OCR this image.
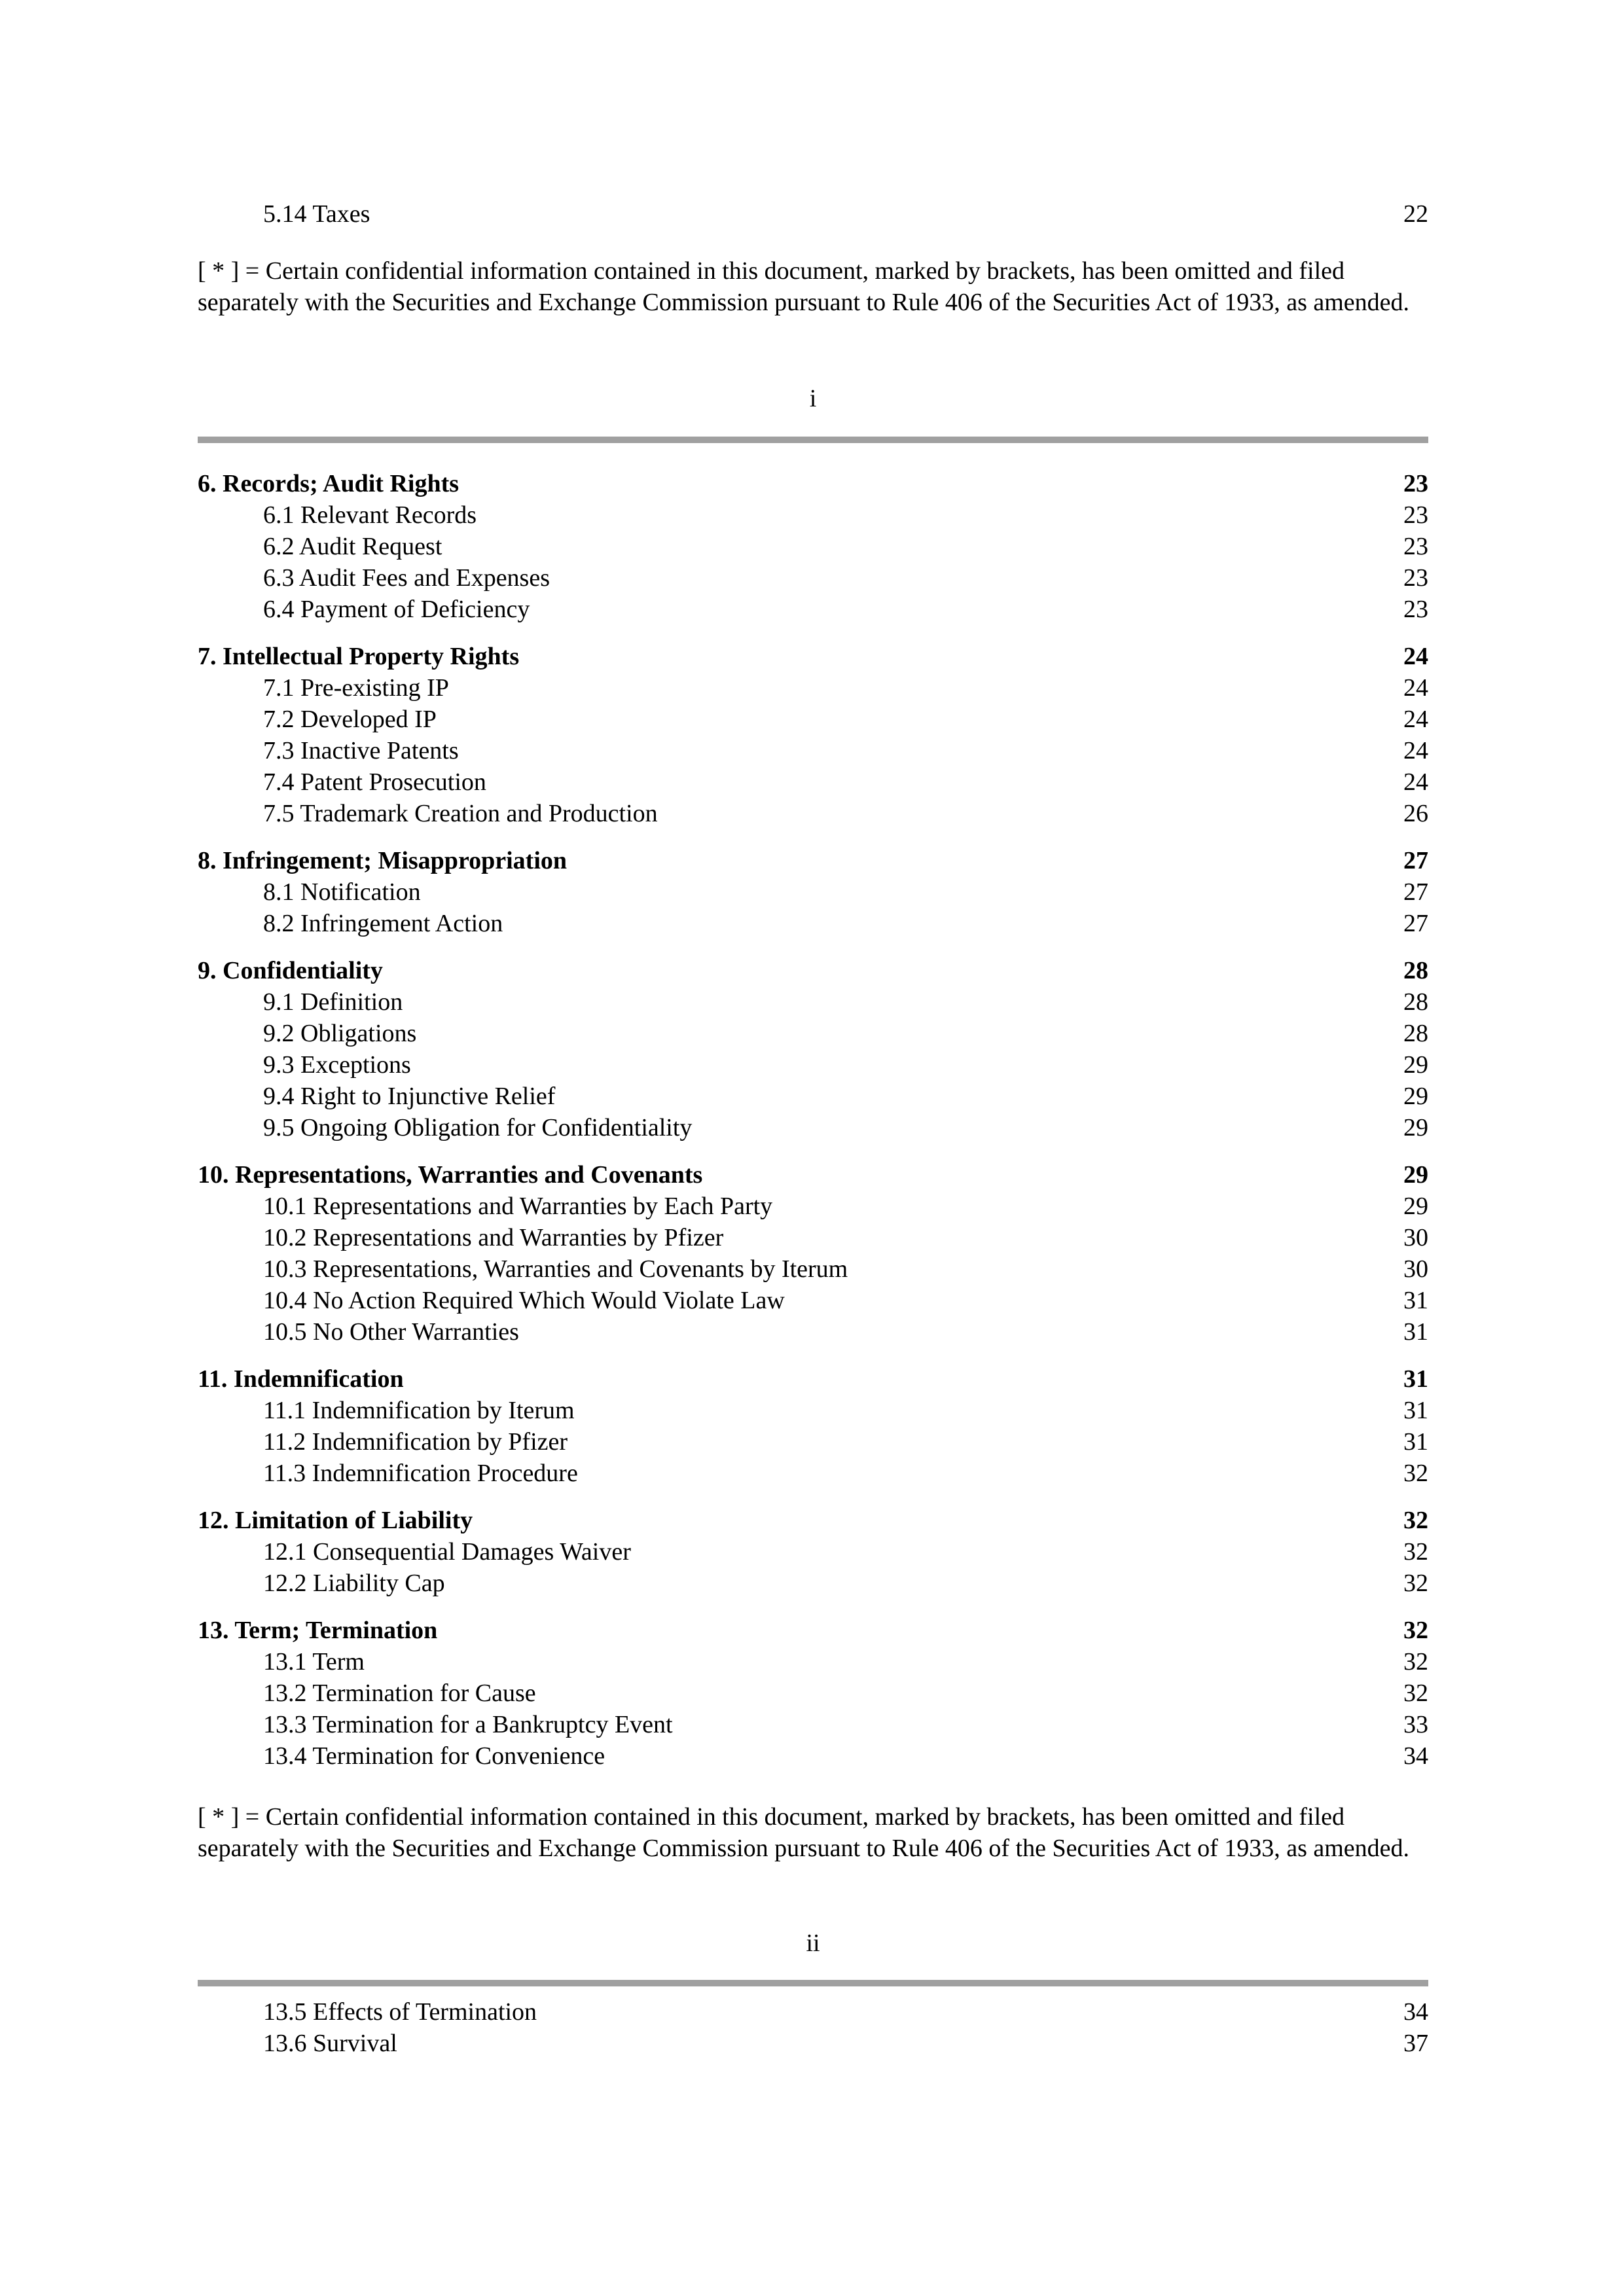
5.14 Taxes	22
[ * ] = Certain confidential information contained in this document, marked by brackets, has been omitted and filed separately with the Securities and Exchange Commission pursuant to Rule 406 of the Securities Act of 1933, as amended.
i
6. Records; Audit Rights	23
6.1 Relevant Records	23
6.2 Audit Request	23
6.3 Audit Fees and Expenses	23
6.4 Payment of Deficiency	23
7. Intellectual Property Rights	24
7.1 Pre-existing IP	24
7.2 Developed IP	24
7.3 Inactive Patents	24
7.4 Patent Prosecution	24
7.5 Trademark Creation and Production	26
8. Infringement; Misappropriation	27
8.1 Notification	27
8.2 Infringement Action	27
9. Confidentiality	28
9.1 Definition	28
9.2 Obligations	28
9.3 Exceptions	29
9.4 Right to Injunctive Relief	29
9.5 Ongoing Obligation for Confidentiality	29
10. Representations, Warranties and Covenants	29
10.1 Representations and Warranties by Each Party	29
10.2 Representations and Warranties by Pfizer	30
10.3 Representations, Warranties and Covenants by Iterum	30
10.4 No Action Required Which Would Violate Law	31
10.5 No Other Warranties	31
11. Indemnification	31
11.1 Indemnification by Iterum	31
11.2 Indemnification by Pfizer	31
11.3 Indemnification Procedure	32
12. Limitation of Liability	32
12.1 Consequential Damages Waiver	32
12.2 Liability Cap	32
13. Term; Termination	32
13.1 Term	32
13.2 Termination for Cause	32
13.3 Termination for a Bankruptcy Event	33
13.4 Termination for Convenience	34
[ * ] = Certain confidential information contained in this document, marked by brackets, has been omitted and filed separately with the Securities and Exchange Commission pursuant to Rule 406 of the Securities Act of 1933, as amended.
ii
13.5 Effects of Termination	34
13.6 Survival	37
